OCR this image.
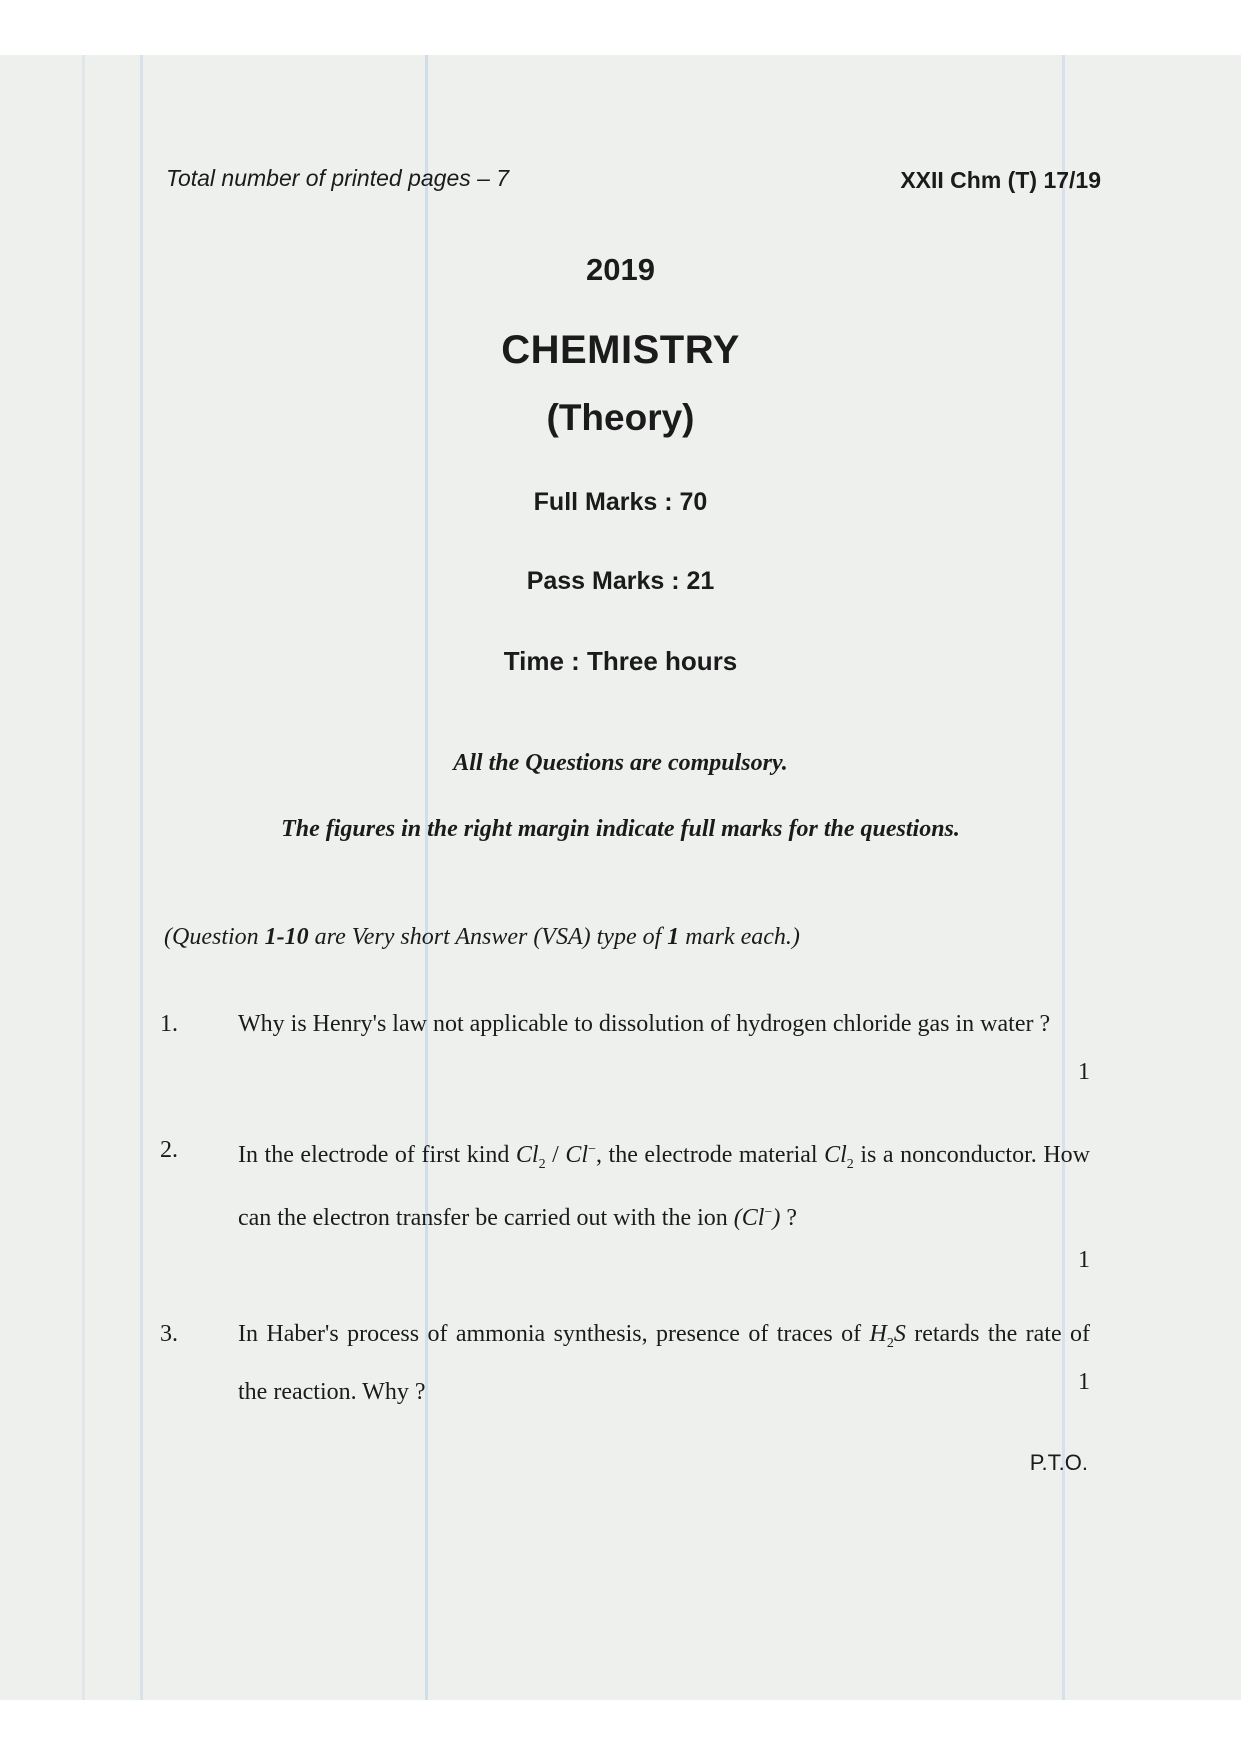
Total number of printed pages – 7	XXII Chm (T) 17/19
2019
CHEMISTRY
(Theory)
Full Marks : 70
Pass Marks : 21
Time : Three hours
All the Questions are compulsory.
The figures in the right margin indicate full marks for the questions.
(Question 1-10 are Very short Answer (VSA) type of 1 mark each.)
1.	Why is Henry's law not applicable to dissolution of hydrogen chloride gas in water ?
1
2.	In the electrode of first kind $Cl_2 / Cl^-$, the electrode material $Cl_2$ is a nonconductor. How can the electron transfer be carried out with the ion (Cl−) ?
1
3.	In Haber's process of ammonia synthesis, presence of traces of $H_2S$ retards the rate of the reaction. Why ?	1
P.T.O.
